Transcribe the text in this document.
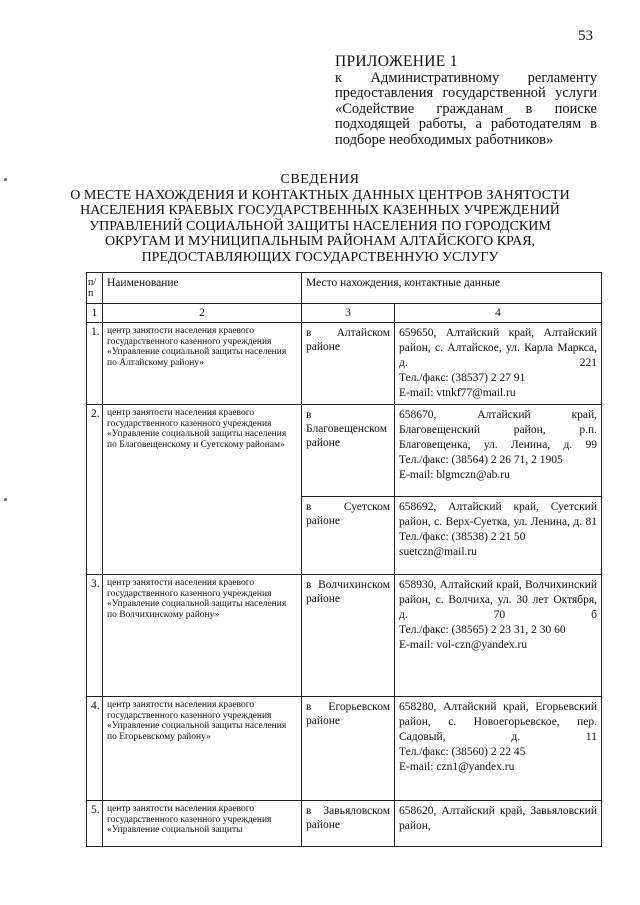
53
ПРИЛОЖЕНИЕ 1
к Административному регламенту предоставления государственной услуги «Содействие гражданам в поиске подходящей работы, а работодателям в подборе необходимых работников»
СВЕДЕНИЯ
О МЕСТЕ НАХОЖДЕНИЯ И КОНТАКТНЫХ ДАННЫХ ЦЕНТРОВ ЗАНЯТОСТИ НАСЕЛЕНИЯ КРАЕВЫХ ГОСУДАРСТВЕННЫХ КАЗЕННЫХ УЧРЕЖДЕНИЙ УПРАВЛЕНИЙ СОЦИАЛЬНОЙ ЗАЩИТЫ НАСЕЛЕНИЯ ПО ГОРОДСКИМ ОКРУГАМ И МУНИЦИПАЛЬНЫМ РАЙОНАМ АЛТАЙСКОГО КРАЯ, ПРЕДОСТАВЛЯЮЩИХ ГОСУДАРСТВЕННУЮ УСЛУГУ
п/п	Наименование	Место нахождения, контактные данные	
1	2	3	4
1.	центр занятости населения краевого государственного казенного учреждения «Управление социальной защиты населения по Алтайскому району»	в Алтайском районе	659650, Алтайский край, Алтайский район, с. Алтайское, ул. Карла Маркса, д. 221
Тел./факс: (38537) 2 27 91
E-mail: vtnkf77@mail.ru

2.	центр занятости населения краевого государственного казенного учреждения «Управление социальной защиты населения по Благовещенскому и Суетскому районам»	в Благовещенском районе	658670, Алтайский край, Благовещенский район, р.п. Благовещенка, ул. Ленина, д. 99
Тел./факс: (38564) 2 26 71, 2 1905
E-mail: blgmczn@ab.ru

		в Суетском районе	658692, Алтайский край, Суетский район, с. Верх-Суетка, ул. Ленина, д. 81
Тел./факс: (38538) 2 21 50
suetczn@mail.ru

3.	центр занятости населения краевого государственного казенного учреждения «Управление социальной защиты населения по Волчихинскому району»	в Волчихинском районе	658930, Алтайский край, Волчихинский район, с. Волчиха, ул. 30 лет Октября, д. 70 б
Тел./факс: (38565) 2 23 31, 2 30 60
E-mail: vol-czn@yandex.ru

4.	центр занятости населения краевого государственного казенного учреждения «Управление социальной защиты населения по Егорьевскому району»	в Егорьевском районе	658280, Алтайский край, Егорьевский район, с. Новоегорьевское, пер. Садовый, д. 11
Тел./факс: (38560) 2 22 45
E-mail: czn1@yandex.ru

5.	центр занятости населения краевого государственного казенного учреждения «Управление социальной защиты	в Завьяловском районе	658620, Алтайский край, Завьяловский район,
